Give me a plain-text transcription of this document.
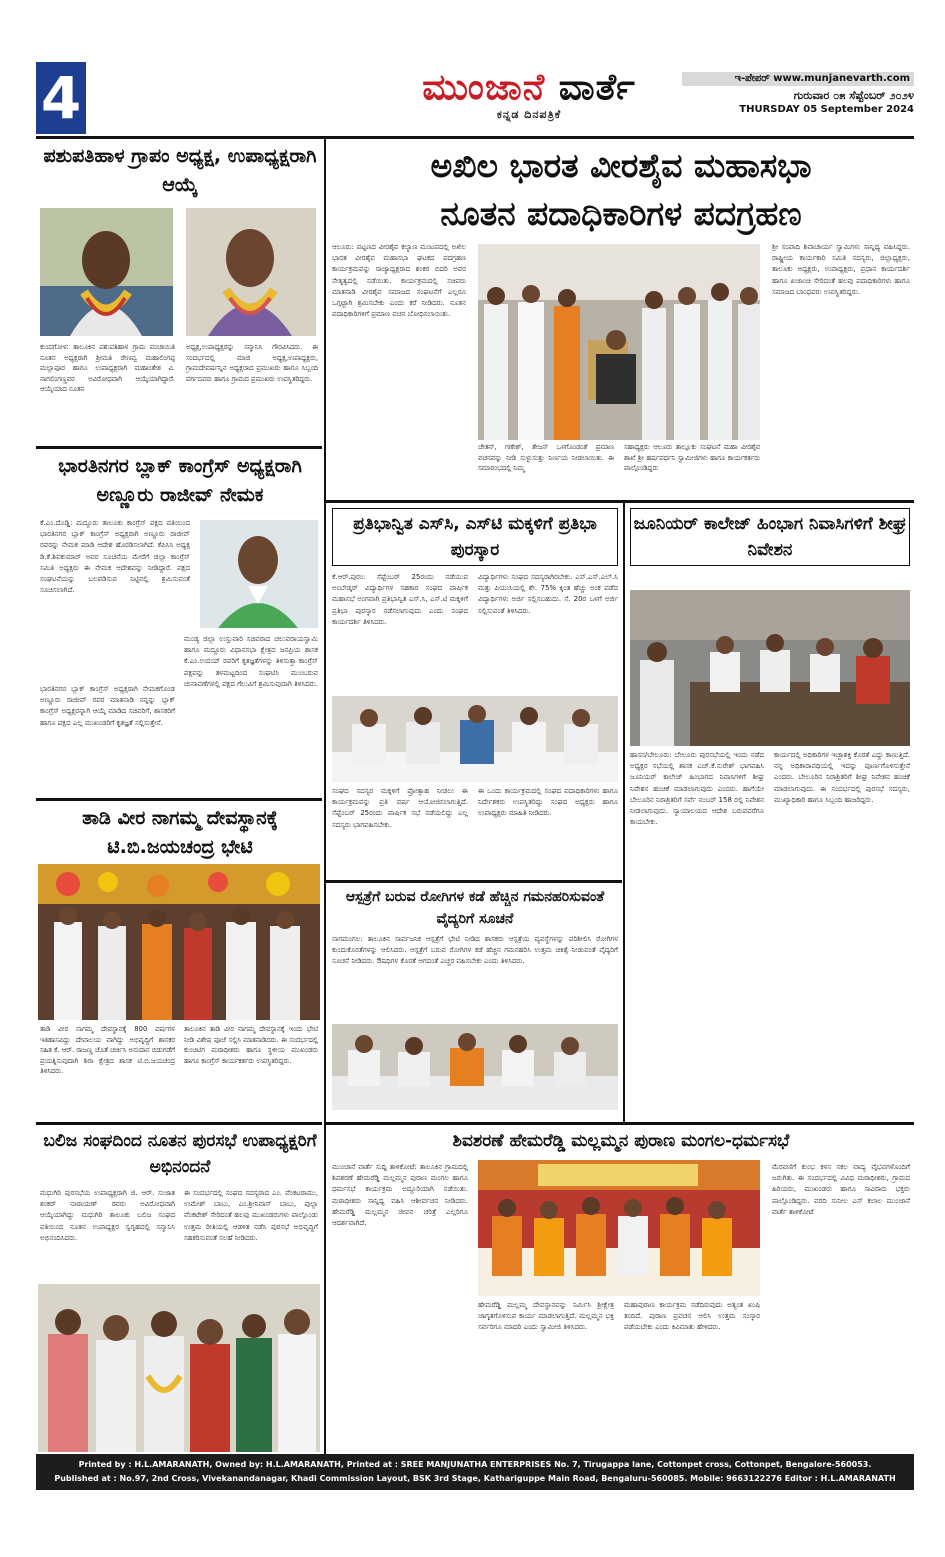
4	ಮುಂಜಾನೆ ವಾರ್ತೆ
ಕನ್ನಡ ದಿನಪತ್ರಿಕೆ
ಇ-ಪೇಪರ್ www.munjanevarth.com
ಗುರುವಾರ ೦೫ ಸೆಪ್ಟೆಂಬರ್ ೨೦೨೪
THURSDAY 05 September 2024
ಪಶುಪತಿಹಾಳ ಗ್ರಾಪಂ ಅಧ್ಯಕ್ಷ, ಉಪಾಧ್ಯಕ್ಷರಾಗಿ ಆಯ್ಕೆ
ಕುಂದಗೋಳ: ತಾಲೂಕಿನ ಪಶುಪತಿಹಾಳ ಗ್ರಾಮ ಪಂಚಾಯಿತಿ ನೂತನ ಅಧ್ಯಕ್ಷರಾಗಿ ಶ್ರೀಮತಿ ರೇಣವ್ವ ಮಹಾಲಿಂಗಪ್ಪ ಮಲ್ಲಾಪೂರ ಹಾಗೂ ಉಪಾಧ್ಯಕ್ಷರಾಗಿ ಮಹಾಂತೇಶ ವಿ. ನಾಗಲಿಂಗಣ್ಣವರ ಅವಿರೋಧವಾಗಿ ಆಯ್ಕೆಯಾಗಿದ್ದಾರೆ. ಆಯ್ಕೆಯಾದ ನೂತನ
ಅಧ್ಯಕ್ಷ,ಉಪಾಧ್ಯಕ್ಷರನ್ನು ಸನ್ಮಾನಿಸಿ ಗೌರವಿಸಿದರು. ಈ ಸಂದರ್ಭದಲ್ಲಿ ಮಾಜಿ ಅಧ್ಯಕ್ಷ,ಉಪಾಧ್ಯಕ್ಷರು, ಗ್ರಾಮದೇವರ್ಷನ್ನಿನ ಅಧ್ಯಕ್ಷರಾದ ಪ್ರಮುಖರು ಹಾಗೂ ಸಿಬ್ಬಂದಿ ವರ್ಗದವರು ಹಾಗೂ ಗ್ರಾಮದ ಪ್ರಮುಖರು ಉಪಸ್ಥಿತರಿದ್ದರು.
ಭಾರತಿನಗರ ಬ್ಲಾಕ್ ಕಾಂಗ್ರೆಸ್ ಅಧ್ಯಕ್ಷರಾಗಿ ಅಣ್ಣೂರು ರಾಜೀವ್ ನೇಮಕ
ಕೆ.ಎಂ.ದೊಡ್ಡಿ: ಮದ್ದೂರು ತಾಲೂಕು ಕಾಂಗ್ರೆಸ್ ಪಕ್ಷದ ವತಿಯಿಂದ ಭಾರತಿನಗರ ಬ್ಲಾಕ್ ಕಾಂಗ್ರೆಸ್ ಅಧ್ಯಕ್ಷರಾಗಿ ಅಣ್ಣೂರು ರಾಜೀವ್ ರವರನ್ನು ನೇಮಕ ಮಾಡಿ ಆದೇಶ ಹೊರಡಿಸಲಾಗಿದೆ. ಕೆಪಿಸಿಸಿ ಅಧ್ಯಕ್ಷ ಡಿ.ಕೆ.ಶಿವಕುಮಾರ್ ಅವರ ಸೂಚನೆಯ ಮೇರೆಗೆ ಜಿಲ್ಲಾ ಕಾಂಗ್ರೆಸ್ ಸಮಿತಿ ಅಧ್ಯಕ್ಷರು ಈ ನೇಮಕ ಆದೇಶವನ್ನು ನೀಡಿದ್ದಾರೆ. ಪಕ್ಷದ ಸಂಘಟನೆಯನ್ನು ಬಲಪಡಿಸುವ ನಿಟ್ಟಿನಲ್ಲಿ ಶ್ರಮಿಸುವಂತೆ ಸೂಚಿಸಲಾಗಿದೆ.
ಭಾರತಿನಗರ ಬ್ಲಾಕ್ ಕಾಂಗ್ರೆಸ್ ಅಧ್ಯಕ್ಷರಾಗಿ ನೇಮಕಗೊಂಡ ಅಣ್ಣೂರು ರಾಜೀವ್ ರವರ ಮಾತನಾಡಿ ನನ್ನನ್ನು ಬ್ಲಾಕ್ ಕಾಂಗ್ರೆಸ್ ಅಧ್ಯಕ್ಷರನ್ನಾಗಿ ಆಯ್ಕೆ ಮಾಡಿದ ಸಚಿವರಿಗೆ, ಶಾಸಕರಿಗೆ ಹಾಗೂ ಪಕ್ಷದ ಎಲ್ಲ ಮುಖಂಡರಿಗೆ ಕೃತಜ್ಞತೆ ಸಲ್ಲಿಸುತ್ತೇನೆ.
ಮಂಡ್ಯ ಜಿಲ್ಲಾ ಉಸ್ತುವಾರಿ ಸಚಿವರಾದ ಚಲುವರಾಯಸ್ವಾಮಿ ಹಾಗೂ ಮದ್ದೂರು ವಿಧಾನಸಭಾ ಕ್ಷೇತ್ರದ ಜನಪ್ರಿಯ ಶಾಸಕ ಕೆ.ಎಂ.ಉದಯ್ ರವರಿಗೆ ಕೃತಜ್ಞತೆಗಳನ್ನು ತಿಳಿಸುತ್ತಾ ಕಾಂಗ್ರೆಸ್ ಪಕ್ಷವನ್ನು ತಳಮಟ್ಟದಿಂದ ಸಂಘಟಿಸಿ ಮುಂಬರುವ ಚುನಾವಣೆಗಳಲ್ಲಿ ಪಕ್ಷದ ಗೆಲುವಿಗೆ ಶ್ರಮಿಸುವುದಾಗಿ ತಿಳಿಸಿದರು.
ತಾಡಿ ವೀರ ನಾಗಮ್ಮ ದೇವಸ್ಥಾನಕ್ಕೆ ಟಿ.ಬಿ.ಜಯಚಂದ್ರ ಭೇಟಿ
ತಾಡಿ ವೀರ ನಾಗಮ್ಮ ದೇವಸ್ಥಾನಕ್ಕೆ 800 ವರ್ಷಗಳ ಇತಿಹಾಸವಿದ್ದು ದೇವಾಲಯ ವಾಗಿದ್ದು ಅಭಿವೃದ್ಧಿಗೆ ಶಾಸಕರ ಸಹಿತ ಕೆ. ಆರ್. ರಾಜಣ್ಣ ಜೊತೆ ಚರ್ಚಿಸಿ ಅನುದಾನ ಬಿಡುಗಡೆಗೆ ಪ್ರಯತ್ನಿಸುವುದಾಗಿ ಶಿರಾ ಕ್ಷೇತ್ರದ ಶಾಸಕ ಟಿ.ಬಿ.ಜಯಚಂದ್ರ ತಿಳಿಸಿದರು.
ತಾಲೂಕಿನ ತಾಡಿ ವೀರ ನಾಗಮ್ಮ ದೇವಸ್ಥಾನಕ್ಕೆ ಇಂದು ಭೇಟಿ ನೀಡಿ ವಿಶೇಷ ಪೂಜೆ ಸಲ್ಲಿಸಿ ಮಾತನಾಡಿದರು. ಈ ಸಂದರ್ಭದಲ್ಲಿ ಕುಂಚಿಟಿಗ ಮಠಾಧೀಶರು ಹಾಗೂ ಸ್ಥಳೀಯ ಮುಖಂಡರು ಹಾಗೂ ಕಾಂಗ್ರೆಸ್ ಕಾರ್ಯಕರ್ತರು ಉಪಸ್ಥಿತರಿದ್ದರು.
ಬಲಿಜ ಸಂಘದಿಂದ ನೂತನ ಪುರಸಭೆ ಉಪಾಧ್ಯಕ್ಷರಿಗೆ ಅಭಿನಂದನೆ
ಮಧುಗಿರಿ ಪುರಸಭೆಯ ಉಪಾಧ್ಯಕ್ಷರಾಗಿ ಜಿ. ಆರ್. ಸುಜಾತ ಶಂಕರ್ ನಾರಾಯಣ್ ರವರು ಅವಿರೋಧವಾಗಿ ಆಯ್ಕೆಯಾಗಿದ್ದು ಮಧುಗಿರಿ ತಾಲೂಕು ಬಲಿಜ ಸಂಘದ ವತಿಯಿಂದ ನೂತನ ಉಪಾಧ್ಯಕ್ಷರ ಸ್ವಗೃಹದಲ್ಲಿ ಸನ್ಮಾನಿಸಿ ಅಭಿನಂದಿಸಿದರು.
ಈ ಸಂದರ್ಭದಲ್ಲಿ ಸಂಘದ ಸದಸ್ಯರಾದ ಎಂ. ವೆಂಕಟರಾಮು, ಉಮೇಶ್ ಬಾಬು, ಎಂ.ಶ್ರೀನಿವಾಸ್ ಬಾಬು, ಪುಲ್ಲಾ ವೆಂಕಟೇಶ್ ಸೇರಿದಂತೆ ಹಲವು ಮುಖಂಡರುಗಳು ಪಾಲ್ಗೊಂಡು ಉತ್ತಮ ರೀತಿಯಲ್ಲಿ ಆಡಳಿತ ನಡೆಸಿ ಪುರಸಭೆ ಅಭಿವೃದ್ಧಿಗೆ ಸಹಕರಿಸುವಂತೆ ಸಲಹೆ ನೀಡಿದರು.
ಅಖಿಲ ಭಾರತ ವೀರಶೈವ ಮಹಾಸಭಾ
ನೂತನ ಪದಾಧಿಕಾರಿಗಳ ಪದಗ್ರಹಣ
ಆಲೂರು: ಪಟ್ಟಣದ ವೀರಶೈವ ಕಲ್ಯಾಣ ಮಂಟಪದಲ್ಲಿ ಅಖಿಲ ಭಾರತ ವೀರಶೈವ ಮಹಾಸಭಾ ಘಟಕದ ಪದಗ್ರಹಣ ಕಾರ್ಯಕ್ರಮವನ್ನು ರಾಜ್ಯಾಧ್ಯಕ್ಷರಾದ ಶಂಕರ ಬಿದರಿ ಅವರ ನೇತೃತ್ವದಲ್ಲಿ ನಡೆಯಿತು. ಕಾರ್ಯಕ್ರಮದಲ್ಲಿ ಸಚಿವರು ಮಾತನಾಡಿ ವೀರಶೈವ ಸಮಾಜದ ಸಂಘಟನೆಗೆ ಎಲ್ಲರೂ ಒಗ್ಗಟ್ಟಾಗಿ ಶ್ರಮಿಸಬೇಕು ಎಂದು ಕರೆ ನೀಡಿದರು. ನೂತನ ಪದಾಧಿಕಾರಿಗಳಿಗೆ ಪ್ರಮಾಣ ವಚನ ಬೋಧಿಸಲಾಯಿತು.
ಚೇತನ್, ಗಣೇಶ್, ತೇಜಸ್ ಒಳಗೊಂಡಂತೆ ಪ್ರಮಾಣ ವಚನವನ್ನು ನೀಡಿ ಸುಳ್ಳುಸುತ್ತು ನಿರ್ಣಯ ನೀಡಲಾಯಿತು. ಈ ಸಮಾರಂಭದಲ್ಲಿ ನಿಮ್ಮ
ಸಹಾಧ್ಯಕ್ಷರು ಆಲೂರು ತಾಲ್ಲೂಕು ಸಂಘಟನೆ ಮಹಾ ವೀರಶೈವ ಶಾಖೆ ಶ್ರೀ ಹರ್ಷವರ್ಧನಿ ಸ್ವಾಮೀಜಿಗಳು ಹಾಗೂ ಕಾರ್ಯಕರ್ತರು ಪಾಲ್ಗೊಂಡಿದ್ದರು
ಶ್ರೀ ಸಂಪಾದಿ ಶಿವಾಚಾರ್ಯ ಸ್ವಾಮಿಗಳು ಸಾನ್ನಿಧ್ಯ ವಹಿಸಿದ್ದರು. ರಾಷ್ಟ್ರೀಯ ಕಾರ್ಯಕಾರಿ ಸಮಿತಿ ಸದಸ್ಯರು, ಜಿಲ್ಲಾಧ್ಯಕ್ಷರು, ತಾಲೂಕು ಅಧ್ಯಕ್ಷರು, ಉಪಾಧ್ಯಕ್ಷರು, ಪ್ರಧಾನ ಕಾರ್ಯದರ್ಶಿ ಹಾಗೂ ಖಜಾಂಚಿ ಸೇರಿದಂತೆ ಹಲವು ಪದಾಧಿಕಾರಿಗಳು ಹಾಗೂ ಸಮಾಜದ ಬಾಂಧವರು ಉಪಸ್ಥಿತರಿದ್ದರು.
ಪ್ರತಿಭಾನ್ವಿತ ಎಸ್‌ಸಿ, ಎಸ್‌ಟಿ ಮಕ್ಕಳಿಗೆ ಪ್ರತಿಭಾ ಪುರಸ್ಕಾರ
ಕೆ.ಆರ್.ಪುರಂ: ಸೆಪ್ಟೆಂಬರ್ 25ರಂದು ನಡೆಯುವ ಅಂಬೇಡ್ಕರ್ ವಿದ್ಯಾರ್ಥಿಗಳ ಸಹಕಾರ ಸಂಘದ ವಾರ್ಷಿಕ ಮಹಾಸಭೆ ಅಂಗವಾಗಿ ಪ್ರತಿಭಾನ್ವಿತ ಎಸ್.ಸಿ, ಎಸ್.ಟಿ ಮಕ್ಕಳಿಗೆ ಪ್ರತಿಭಾ ಪುರಸ್ಕಾರ ನಡೆಸಲಾಗುವುದು ಎಂದು ಸಂಘದ ಕಾರ್ಯದರ್ಶಿ ತಿಳಿಸಿದರು.
ವಿದ್ಯಾರ್ಥಿಗಳು ಸಂಘದ ಸದಸ್ಯರಾಗಿರಬೇಕು. ಎಸ್.ಎಸ್.ಎಲ್.ಸಿ ಮತ್ತು ಪಿಯುಸಿಯಲ್ಲಿ ಶೇ. 75% ಕ್ಕಿಂತ ಹೆಚ್ಚು ಅಂಕ ಪಡೆದ ವಿದ್ಯಾರ್ಥಿಗಳು ಅರ್ಜಿ ಸಲ್ಲಿಸಬಹುದು. ಸೆ. 20ರ ಒಳಗೆ ಅರ್ಜಿ ಸಲ್ಲಿಸುವಂತೆ ತಿಳಿಸಿದರು.
ಸಂಘದ ಸದಸ್ಯರ ಮಕ್ಕಳಿಗೆ ಪ್ರೋತ್ಸಾಹ ನೀಡಲು ಈ ಕಾರ್ಯಕ್ರಮವನ್ನು ಪ್ರತಿ ವರ್ಷ ಆಯೋಜಿಸಲಾಗುತ್ತಿದೆ. ಸೆಪ್ಟೆಂಬರ್ 25ರಂದು ವಾರ್ಷಿಕ ಸಭೆ ನಡೆಯಲಿದ್ದು ಎಲ್ಲ ಸದಸ್ಯರು ಭಾಗವಹಿಸಬೇಕು.
ಈ ಒಂದು ಕಾರ್ಯಕ್ರಮದಲ್ಲಿ ಸಂಘದ ಪದಾಧಿಕಾರಿಗಳು ಹಾಗೂ ನಿರ್ದೇಶಕರು ಉಪಸ್ಥಿತರಿದ್ದು ಸಂಘದ ಅಧ್ಯಕ್ಷರು ಹಾಗೂ ಉಪಾಧ್ಯಕ್ಷರು ಮಾಹಿತಿ ನೀಡಿದರು.
ಆಸ್ಪತ್ರೆಗೆ ಬರುವ ರೋಗಿಗಳ ಕಡೆ ಹೆಚ್ಚಿನ ಗಮನಹರಿಸುವಂತೆ ವೈದ್ಯರಿಗೆ ಸೂಚನೆ
ನಾಗಮಂಗಲ: ತಾಲೂಕಿನ ಸಾರ್ವಜನಿಕ ಆಸ್ಪತ್ರೆಗೆ ಭೇಟಿ ನೀಡಿದ ಶಾಸಕರು ಆಸ್ಪತ್ರೆಯ ವ್ಯವಸ್ಥೆಗಳನ್ನು ಪರಿಶೀಲಿಸಿ ರೋಗಿಗಳ ಕುಂದುಕೊರತೆಗಳನ್ನು ಆಲಿಸಿದರು. ಆಸ್ಪತ್ರೆಗೆ ಬರುವ ರೋಗಿಗಳ ಕಡೆ ಹೆಚ್ಚಿನ ಗಮನಹರಿಸಿ ಉತ್ತಮ ಚಿಕಿತ್ಸೆ ನೀಡುವಂತೆ ವೈದ್ಯರಿಗೆ ಸೂಚನೆ ನೀಡಿದರು. ಔಷಧಿಗಳ ಕೊರತೆ ಆಗದಂತೆ ಎಚ್ಚರ ವಹಿಸಬೇಕು ಎಂದು ತಿಳಿಸಿದರು.
ಜೂನಿಯರ್ ಕಾಲೇಜ್ ಹಿಂಭಾಗ ನಿವಾಸಿಗಳಿಗೆ ಶೀಘ್ರ ನಿವೇಶನ
ಹಾಸನ/ಬೇಲೂರು: ಬೇಲೂರು ಪುರಸಭೆಯಲ್ಲಿ ಇಂದು ನಡೆದ ಅಧ್ಯಕ್ಷರ ಸಭೆಯಲ್ಲಿ ಶಾಸಕ ಎಚ್.ಕೆ.ಸುರೇಶ್ ಭಾಗವಹಿಸಿ ಜೂನಿಯರ್ ಕಾಲೇಜ್ ಹಿಂಭಾಗದ ನಿವಾಸಿಗಳಿಗೆ ಶೀಘ್ರ ನಿವೇಶನ ಹಂಚಿಕೆ ಮಾಡಲಾಗುವುದು ಎಂದರು. ಹಾಗೆಯೇ ಬೇಲೂರಿನ ನಿರಾಶ್ರಿತರಿಗೆ ಸರ್ವೆ ನಂಬರ್ 158 ರಲ್ಲಿ ನಿವೇಶನ ನೀಡಲಾಗುವುದು. ನ್ಯಾಯಾಲಯದ ಆದೇಶ ಬರುವವರೆಗೂ ಕಾಯಬೇಕು.
ಕಾರ್ಯದಲ್ಲಿ ಅಧಿಕಾರಿಗಳ ಇಚ್ಛಾಶಕ್ತಿ ಕೊರತೆ ಎದ್ದು ಕಾಣುತ್ತಿದೆ. ನನ್ನ ಅಧಿಕಾರಾವಧಿಯಲ್ಲಿ ಇದನ್ನು ಪೂರ್ಣಗೊಳಿಸುತ್ತೇನೆ ಎಂದರು. ಬೇಲೂರಿನ ನಿರಾಶ್ರಿತರಿಗೆ ಶೀಘ್ರ ನಿವೇಶನ ಹಂಚಿಕೆ ಮಾಡಲಾಗುವುದು. ಈ ಸಂದರ್ಭದಲ್ಲಿ ಪುರಸಭೆ ಸದಸ್ಯರು, ಮುಖ್ಯಾಧಿಕಾರಿ ಹಾಗೂ ಸಿಬ್ಬಂದಿ ಹಾಜರಿದ್ದರು.
ಶಿವಶರಣೆ ಹೇಮರೆಡ್ಡಿ ಮಲ್ಲಮ್ಮನ ಪುರಾಣ ಮಂಗಲ-ಧರ್ಮಸಭೆ
ಮುಂಜಾನೆ ವಾರ್ತೆ ಸುದ್ದಿ ತಾಳಿಕೋಟೆ: ತಾಲೂಕಿನ ಗ್ರಾಮದಲ್ಲಿ ಶಿವಶರಣೆ ಹೇಮರೆಡ್ಡಿ ಮಲ್ಲಮ್ಮನ ಪುರಾಣ ಮಂಗಲ ಹಾಗೂ ಧರ್ಮಸಭೆ ಕಾರ್ಯಕ್ರಮ ಅದ್ದೂರಿಯಾಗಿ ನಡೆಯಿತು. ಮಠಾಧೀಶರು ಸಾನ್ನಿಧ್ಯ ವಹಿಸಿ ಆಶೀರ್ವಚನ ನೀಡಿದರು. ಹೇಮರೆಡ್ಡಿ ಮಲ್ಲಮ್ಮನ ಜೀವನ ಚರಿತ್ರೆ ಎಲ್ಲರಿಗೂ ಆದರ್ಶವಾಗಿದೆ.
ಹೇಮರೆಡ್ಡಿ ಮಲ್ಲಮ್ಮ ದೇವಸ್ಥಾನವನ್ನು ನಿರ್ಮಿಸಿ ಶ್ರೀಕ್ಷೇತ್ರ ಜಾಗೃತಗೊಳಿಸುವ ಕಾರ್ಯ ಮಾಡಲಾಗುತ್ತಿದೆ. ಮಲ್ಲಮ್ಮನ ಭಕ್ತಿ ಸರ್ವರಿಗೂ ಮಾದರಿ ಎಂದು ಸ್ವಾಮೀಜಿ ತಿಳಿಸಿದರು.
ಮಹಾಪುರಾಣ ಕಾರ್ಯಕ್ರಮ ನಡೆದಿರುವುದು ಅತ್ಯಂತ ಖುಷಿ ತಂದಿದೆ. ಪುರಾಣ ಪ್ರವಚನ ಆಲಿಸಿ ಉತ್ತಮ ಸಂಸ್ಕಾರ ಪಡೆಯಬೇಕು ಎಂದು ಕಿವಿಮಾತು ಹೇಳಿದರು.
ಮೆರವಣಿಗೆ ಕುಂಭ ಕಳಸ ಸಕಲ ವಾದ್ಯ ವೈಭವಗಳೊಂದಿಗೆ ಜರುಗಿತು. ಈ ಸಂದರ್ಭದಲ್ಲಿ ವಿವಿಧ ಮಠಾಧೀಶರು, ಗ್ರಾಮದ ಹಿರಿಯರು, ಮುಖಂಡರು ಹಾಗೂ ಸಾವಿರಾರು ಭಕ್ತರು ಪಾಲ್ಗೊಂಡಿದ್ದರು. ವರದಿ ಸುನೀಲ ಎಸ್ ಕಲಾಲ ಮುಂಜಾನೆ ವಾರ್ತೆ ತಾಳಿಕೋಟೆ
Printed by : H.L.AMARANATH, Owned by: H.L.AMARANATH, Printed at : SREE MANJUNATHA ENTERPRISES No. 7, Tirugappa lane, Cottonpet cross, Cottonpet, Bengalore-560053.
Published at : No.97, 2nd Cross, Vivekanandanagar, Khadi Commission Layout, BSK 3rd Stage, Kathariguppe Main Road, Bengaluru-560085. Mobile: 9663122276 Editor : H.L.AMARANATH
